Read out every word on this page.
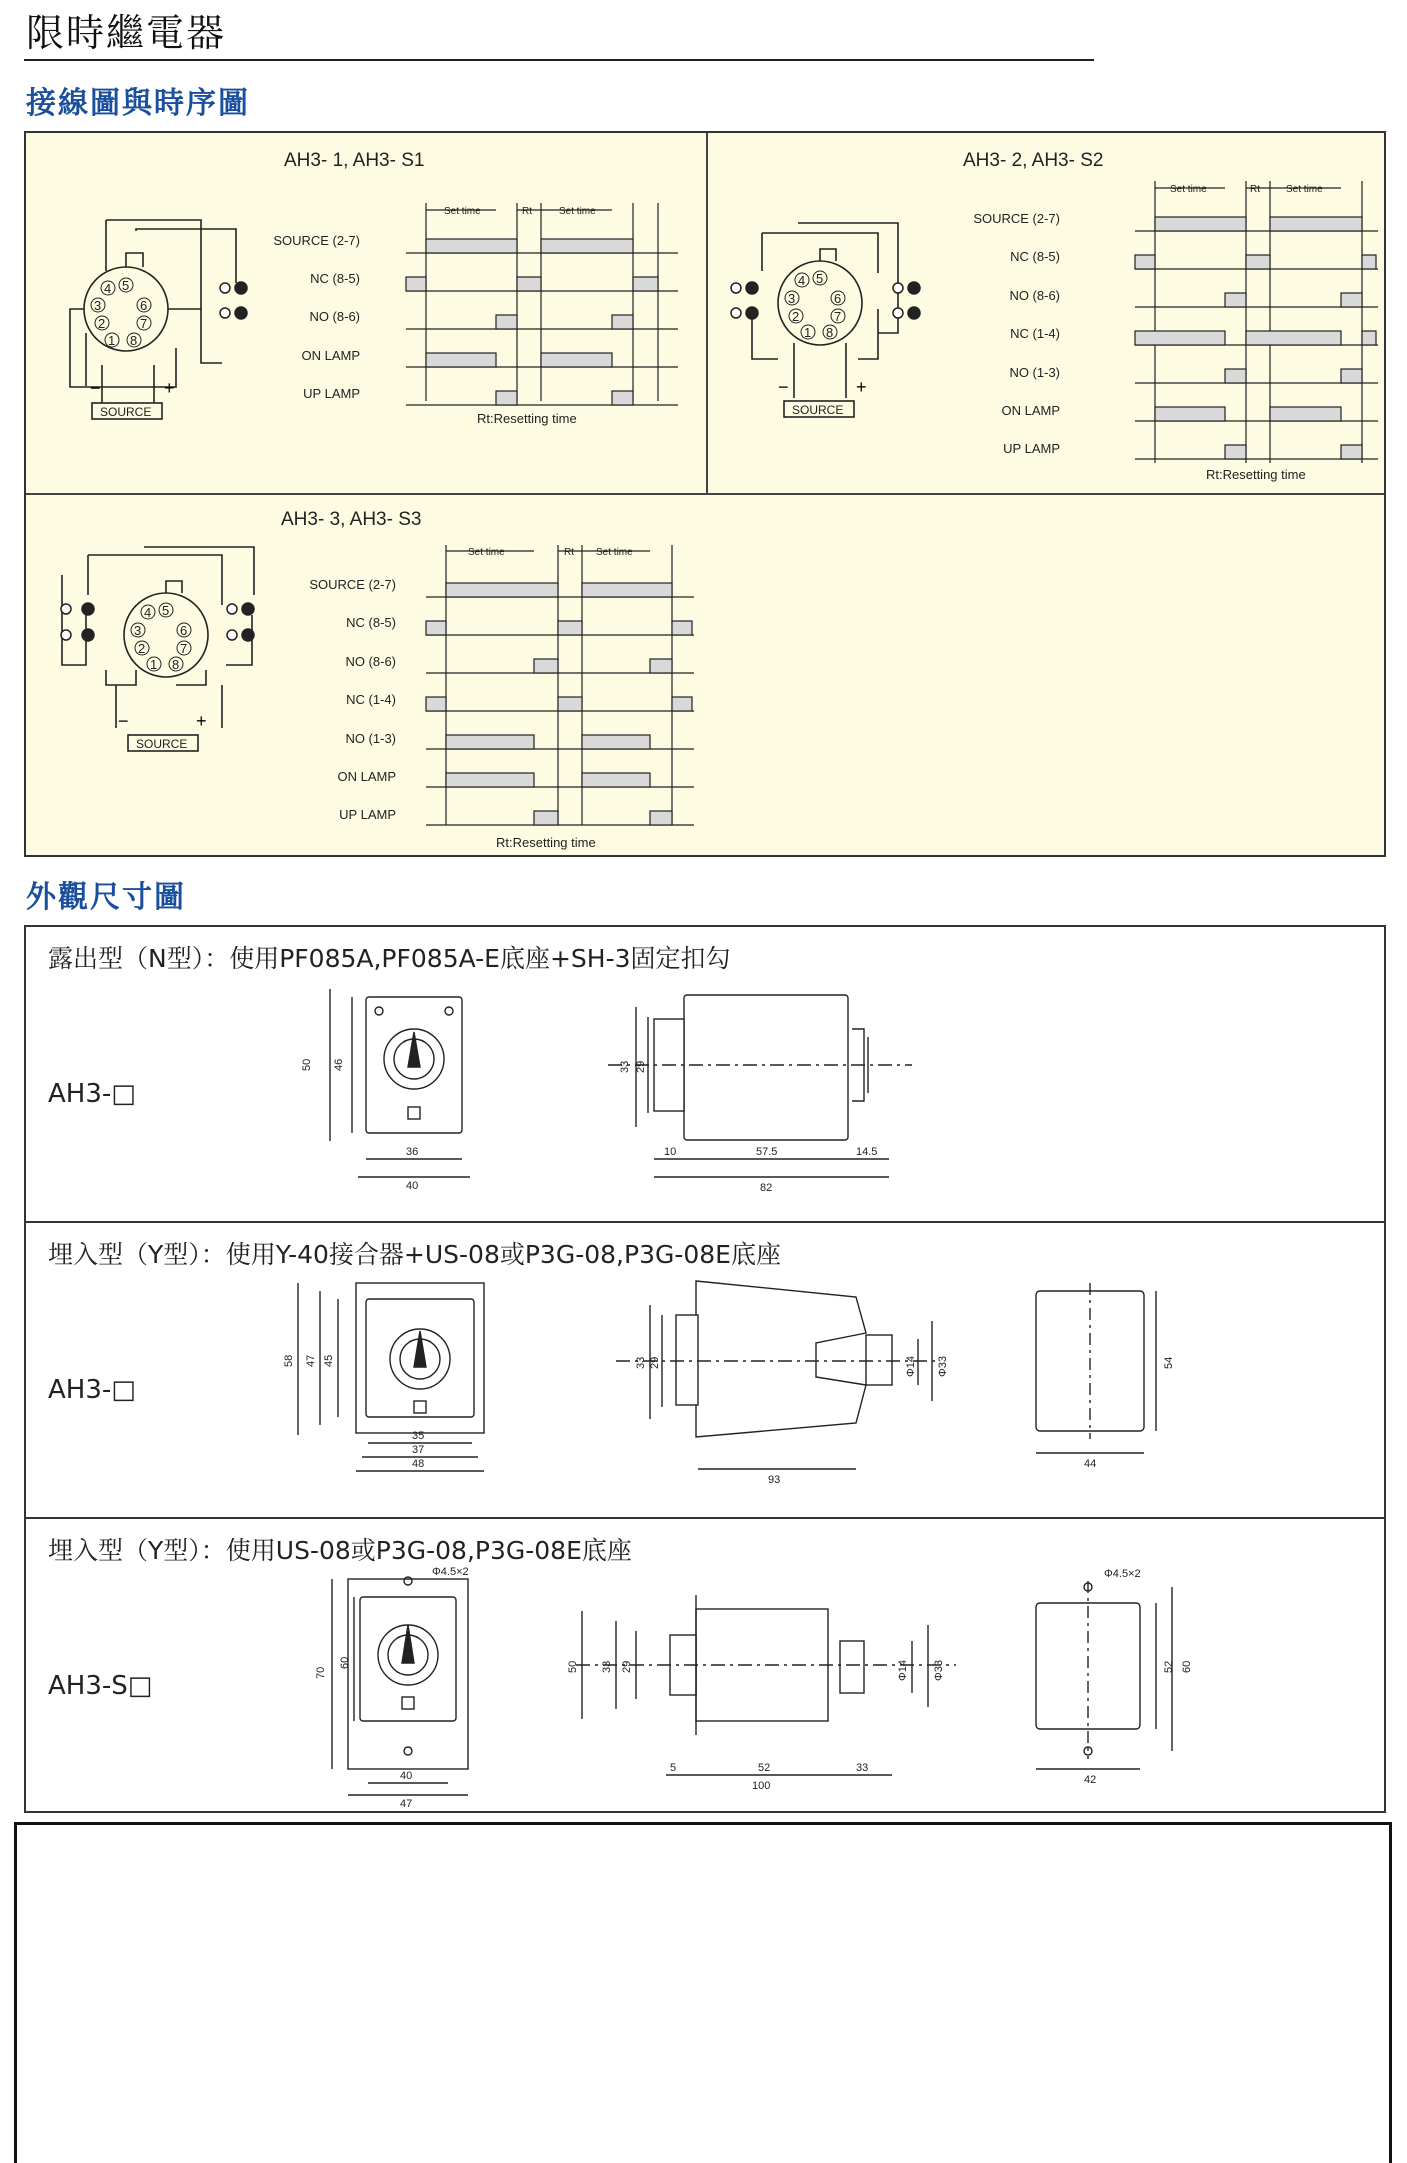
限時繼電器
接線圖與時序圖
AH3- 1, AH3- S1
4 5
3	6
2	7
1 8
−	+
SOURCE
SOURCE (2-7)
NC (8-5)
NO (8-6)
ON LAMP
UP LAMP
Set time	Rt	Set time
Rt:Resetting time
AH3- 2, AH3- S2
4 5
3	6
2	7
1 8
−	+
SOURCE
SOURCE (2-7)
NC (8-5)
NO (8-6)
NC (1-4)
NO (1-3)
ON LAMP
UP LAMP
Set time	Rt	Set time
Rt:Resetting time
AH3- 3, AH3- S3
4 5
3	6
2	7
1 8
−	+
SOURCE
SOURCE (2-7)
NC (8-5)
NO (8-6)
NC (1-4)
NO (1-3)
ON LAMP
UP LAMP
Set time	Rt Set time
Rt:Resetting time
外觀尺寸圖
露出型（N型）：使用PF085A,PF085A-E底座+SH-3固定扣勾
AH3-□
50 46
36
40
33 29
10	57.5	14.5
82
埋入型（Y型）：使用Y-40接合器+US-08或P3G-08,P3G-08E底座
AH3-□
58 47 45
35
37
48
33 29	Φ14 Φ33
93
44
54
埋入型（Y型）：使用US-08或P3G-08,P3G-08E底座
AH3-S□
Φ4.5×2
70
60
40
47
50 33 29	Φ14 Φ33
5	52	33
100
Φ4.5×2
42
52 60
